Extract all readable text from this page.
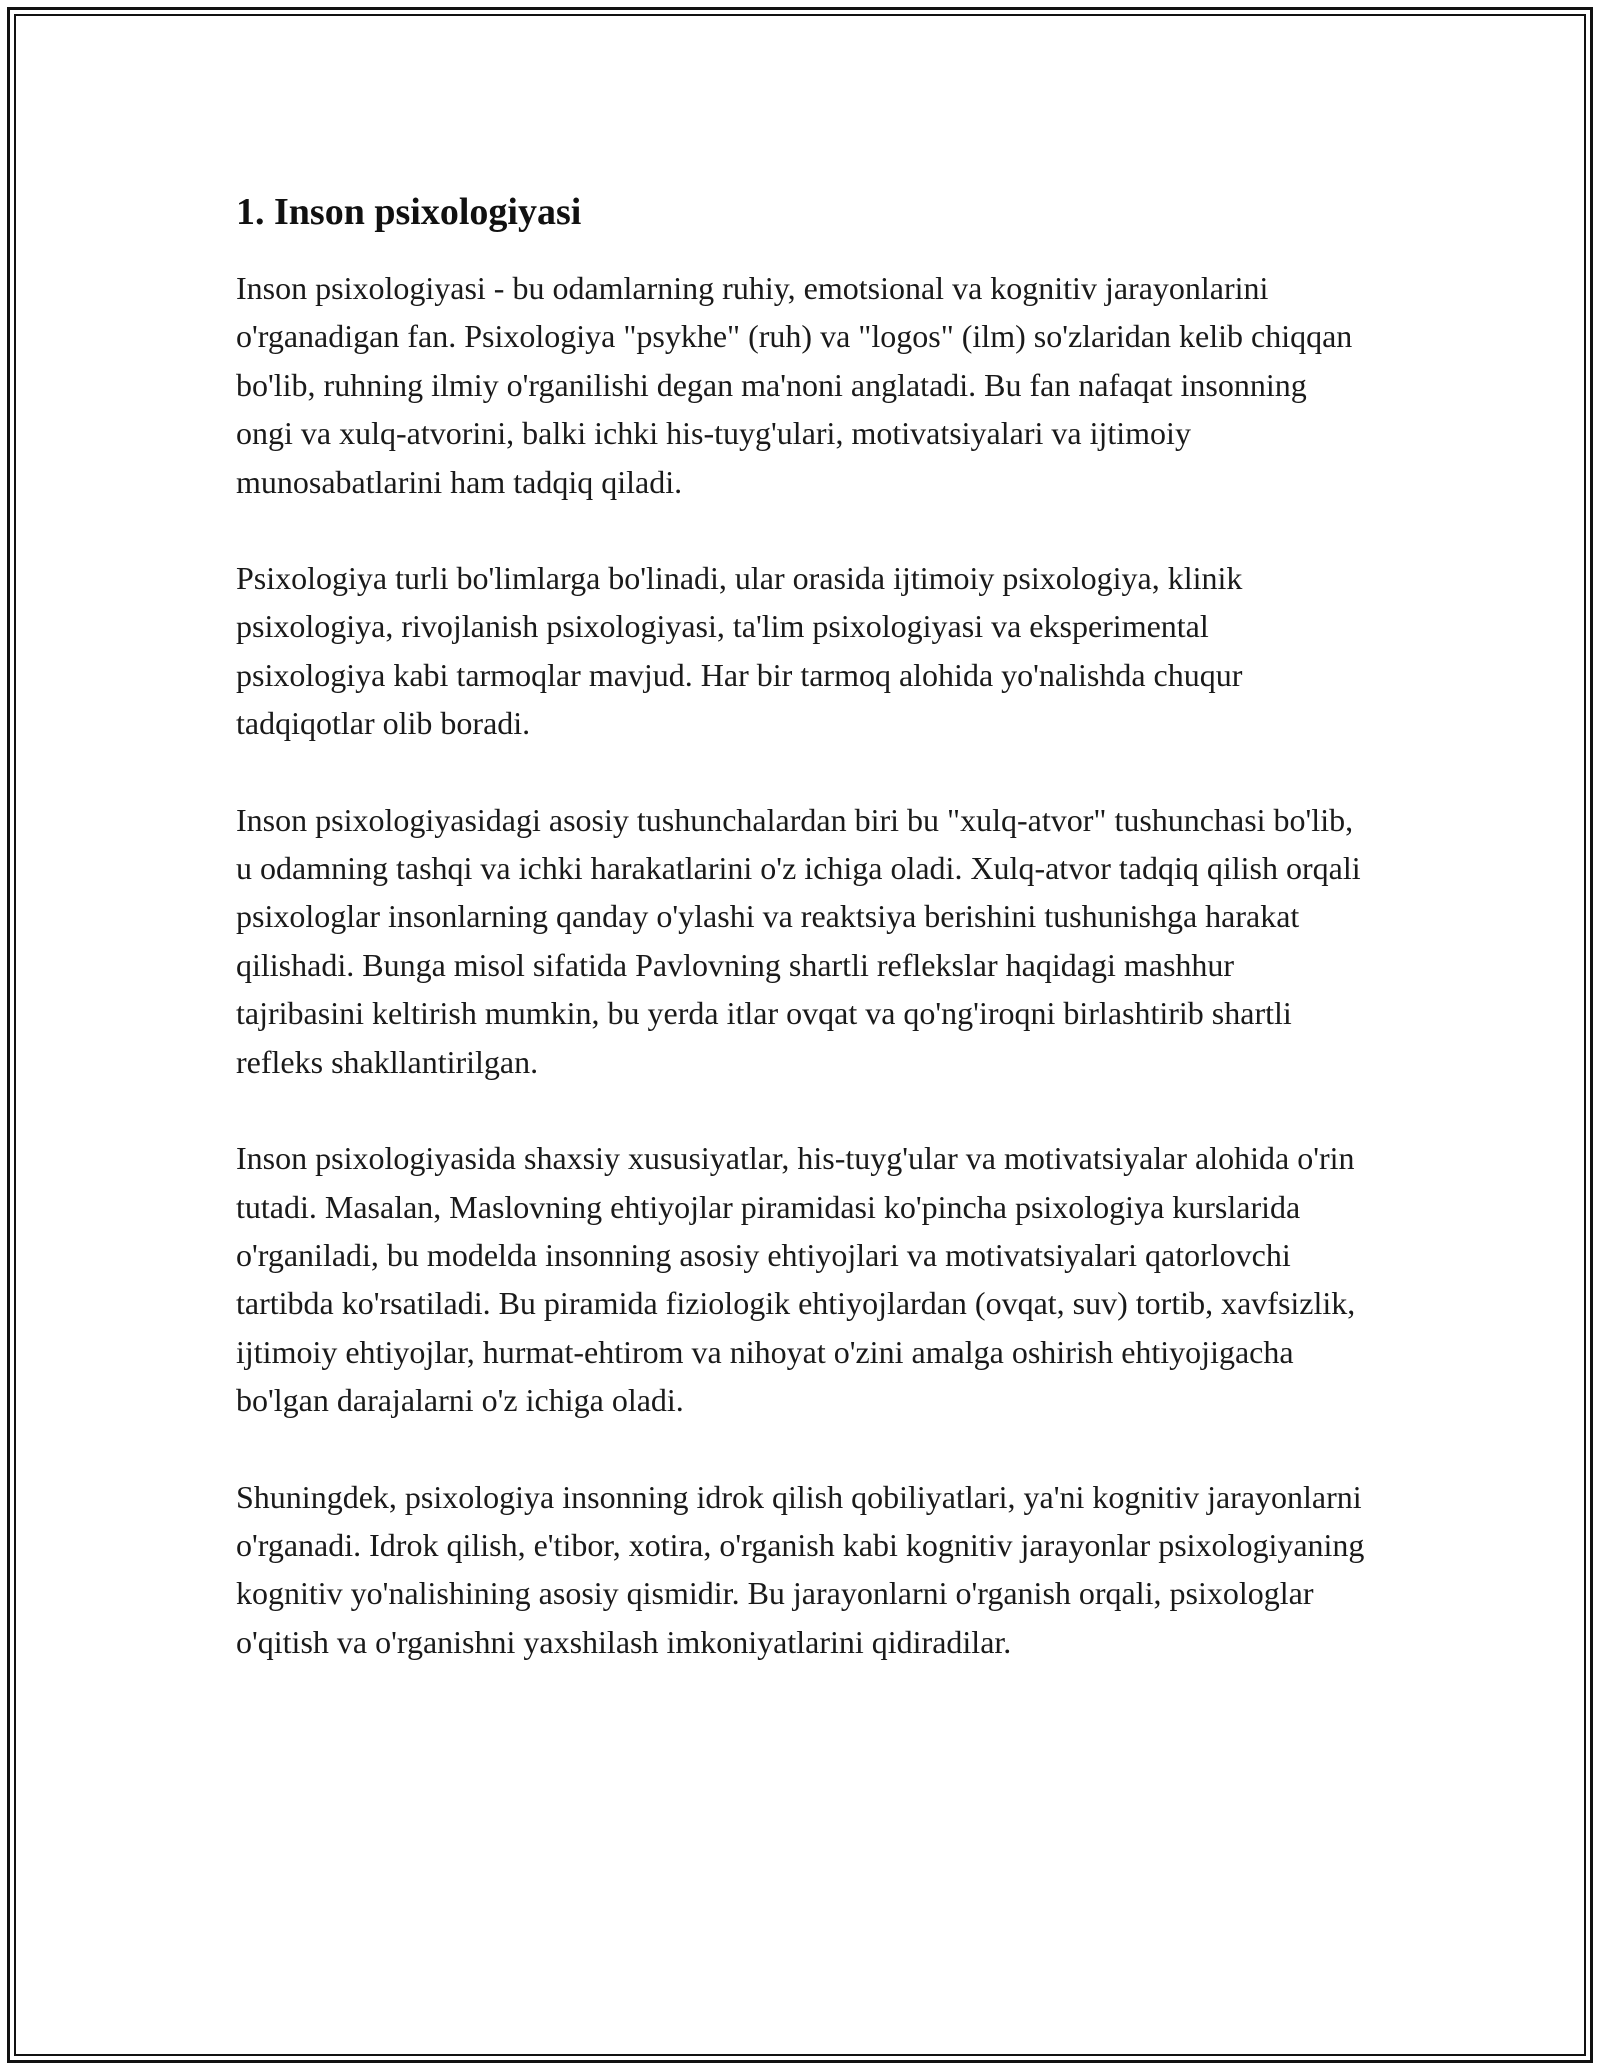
1. Inson psixologiyasi

Inson psixologiyasi - bu odamlarning ruhiy, emotsional va kognitiv jarayonlarini o'rganadigan fan. Psixologiya "psykhe" (ruh) va "logos" (ilm) so'zlaridan kelib chiqqan bo'lib, ruhning ilmiy o'rganilishi degan ma'noni anglatadi. Bu fan nafaqat insonning ongi va xulq-atvorini, balki ichki his-tuyg'ulari, motivatsiyalari va ijtimoiy munosabatlarini ham tadqiq qiladi.

Psixologiya turli bo'limlarga bo'linadi, ular orasida ijtimoiy psixologiya, klinik psixologiya, rivojlanish psixologiyasi, ta'lim psixologiyasi va eksperimental psixologiya kabi tarmoqlar mavjud. Har bir tarmoq alohida yo'nalishda chuqur tadqiqotlar olib boradi.

Inson psixologiyasidagi asosiy tushunchalardan biri bu "xulq-atvor" tushunchasi bo'lib, u odamning tashqi va ichki harakatlarini o'z ichiga oladi. Xulq-atvor tadqiq qilish orqali psixologlar insonlarning qanday o'ylashi va reaktsiya berishini tushunishga harakat qilishadi. Bunga misol sifatida Pavlovning shartli reflekslar haqidagi mashhur tajribasini keltirish mumkin, bu yerda itlar ovqat va qo'ng'iroqni birlashtirib shartli refleks shakllantirilgan.

Inson psixologiyasida shaxsiy xususiyatlar, his-tuyg'ular va motivatsiyalar alohida o'rin tutadi. Masalan, Maslovning ehtiyojlar piramidasi ko'pincha psixologiya kurslarida o'rganiladi, bu modelda insonning asosiy ehtiyojlari va motivatsiyalari qatorlovchi tartibda ko'rsatiladi. Bu piramida fiziologik ehtiyojlardan (ovqat, suv) tortib, xavfsizlik, ijtimoiy ehtiyojlar, hurmat-ehtirom va nihoyat o'zini amalga oshirish ehtiyojigacha bo'lgan darajalarni o'z ichiga oladi.

Shuningdek, psixologiya insonning idrok qilish qobiliyatlari, ya'ni kognitiv jarayonlarni o'rganadi. Idrok qilish, e'tibor, xotira, o'rganish kabi kognitiv jarayonlar psixologiyaning kognitiv yo'nalishining asosiy qismidir. Bu jarayonlarni o'rganish orqali, psixologlar o'qitish va o'rganishni yaxshilash imkoniyatlarini qidiradilar.
